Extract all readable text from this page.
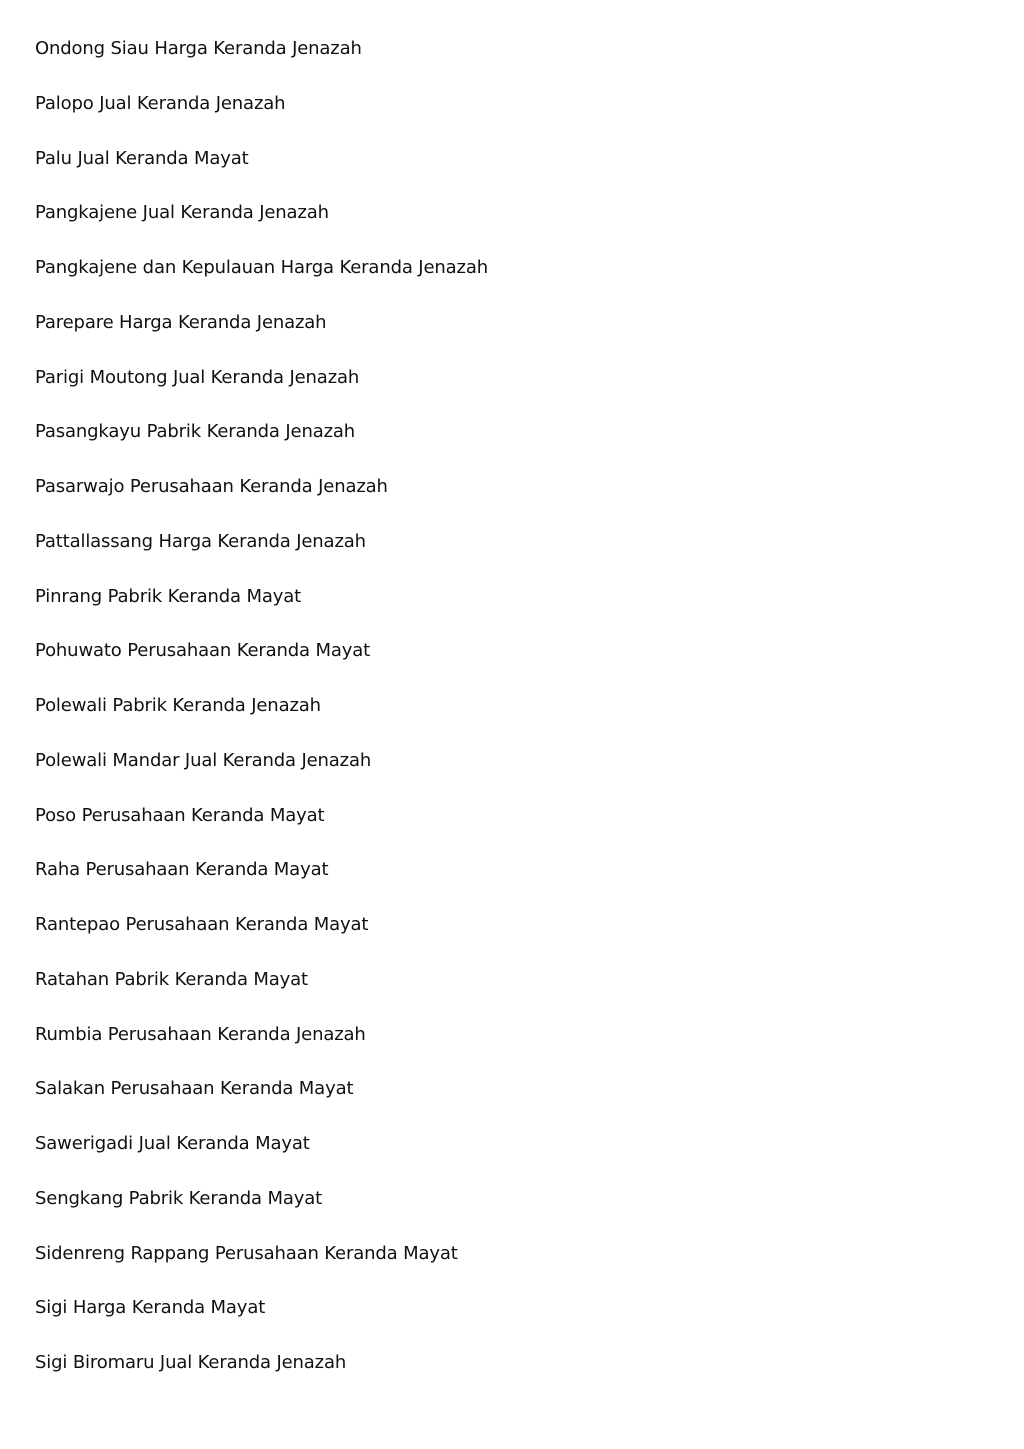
Ondong Siau Harga Keranda Jenazah
Palopo Jual Keranda Jenazah
Palu Jual Keranda Mayat
Pangkajene Jual Keranda Jenazah
Pangkajene dan Kepulauan Harga Keranda Jenazah
Parepare Harga Keranda Jenazah
Parigi Moutong Jual Keranda Jenazah
Pasangkayu Pabrik Keranda Jenazah
Pasarwajo Perusahaan Keranda Jenazah
Pattallassang Harga Keranda Jenazah
Pinrang Pabrik Keranda Mayat
Pohuwato Perusahaan Keranda Mayat
Polewali Pabrik Keranda Jenazah
Polewali Mandar Jual Keranda Jenazah
Poso Perusahaan Keranda Mayat
Raha Perusahaan Keranda Mayat
Rantepao Perusahaan Keranda Mayat
Ratahan Pabrik Keranda Mayat
Rumbia Perusahaan Keranda Jenazah
Salakan Perusahaan Keranda Mayat
Sawerigadi Jual Keranda Mayat
Sengkang Pabrik Keranda Mayat
Sidenreng Rappang Perusahaan Keranda Mayat
Sigi Harga Keranda Mayat
Sigi Biromaru Jual Keranda Jenazah
